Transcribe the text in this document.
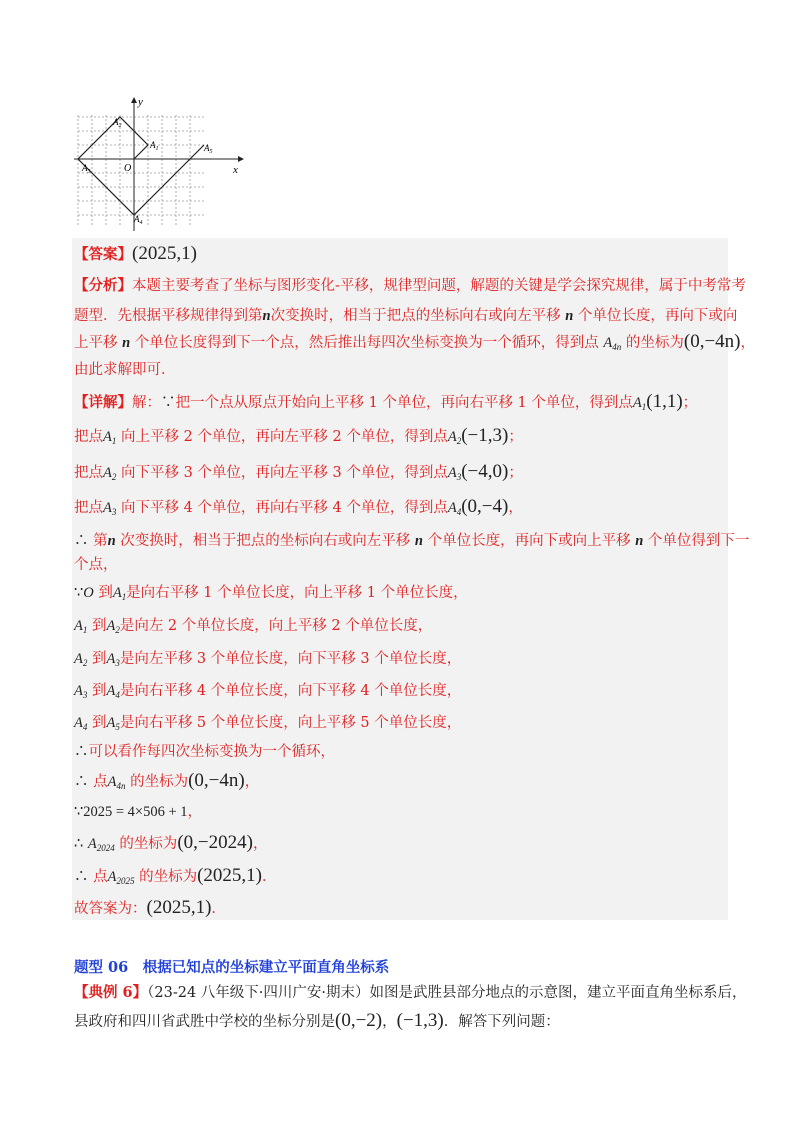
x
y
O
$A_2$
$A_1$
$A_3$
$A_5$
$A_4$
【答案】(2025,1)
【分析】本题主要考查了坐标与图形变化-平移，规律型问题，解题的关键是学会探究规律，属于中考常考
题型．先根据平移规律得到第n次变换时，相当于把点的坐标向右或向左平移 n 个单位长度，再向下或向
上平移 n 个单位长度得到下一个点，然后推出每四次坐标变换为一个循环，得到点 $A_{4n}$ 的坐标为(0,−4n)，
由此求解即可．
【详解】解：∵把一个点从原点开始向上平移 1 个单位，再向右平移 1 个单位，得到点$A_1(1,1)$；
把点$A_1$ 向上平移 2 个单位，再向左平移 2 个单位，得到点$A_2(-1,3)$；
把点$A_2$ 向下平移 3 个单位，再向左平移 3 个单位，得到点$A_3(-4,0)$；
把点$A_3$ 向下平移 4 个单位，再向右平移 4 个单位，得到点$A_4(0,-4)$，
∴ 第n 次变换时，相当于把点的坐标向右或向左平移 n 个单位长度，再向下或向上平移 n 个单位得到下一
个点，
∵O 到$A_1$是向右平移 1 个单位长度，向上平移 1 个单位长度，
$A_1$ 到$A_2$是向左 2 个单位长度，向上平移 2 个单位长度，
$A_2$ 到$A_3$是向左平移 3 个单位长度，向下平移 3 个单位长度，
$A_3$ 到$A_4$是向右平移 4 个单位长度，向下平移 4 个单位长度，
$A_4$ 到$A_5$是向右平移 5 个单位长度，向上平移 5 个单位长度，
∴可以看作每四次坐标变换为一个循环，
∴ 点$A_{4n}$ 的坐标为(0,−4n)，
∵2025 = 4×506 + 1，
∴ $A_{2024}$ 的坐标为(0,−2024)，
∴ 点$A_{2025}$ 的坐标为(2025,1)．
故答案为：(2025,1)．
题型 06　根据已知点的坐标建立平面直角坐标系
【典例 6】（23-24 八年级下·四川广安·期末）如图是武胜县部分地点的示意图，建立平面直角坐标系后，
县政府和四川省武胜中学校的坐标分别是(0,−2)，(−1,3)．解答下列问题：
